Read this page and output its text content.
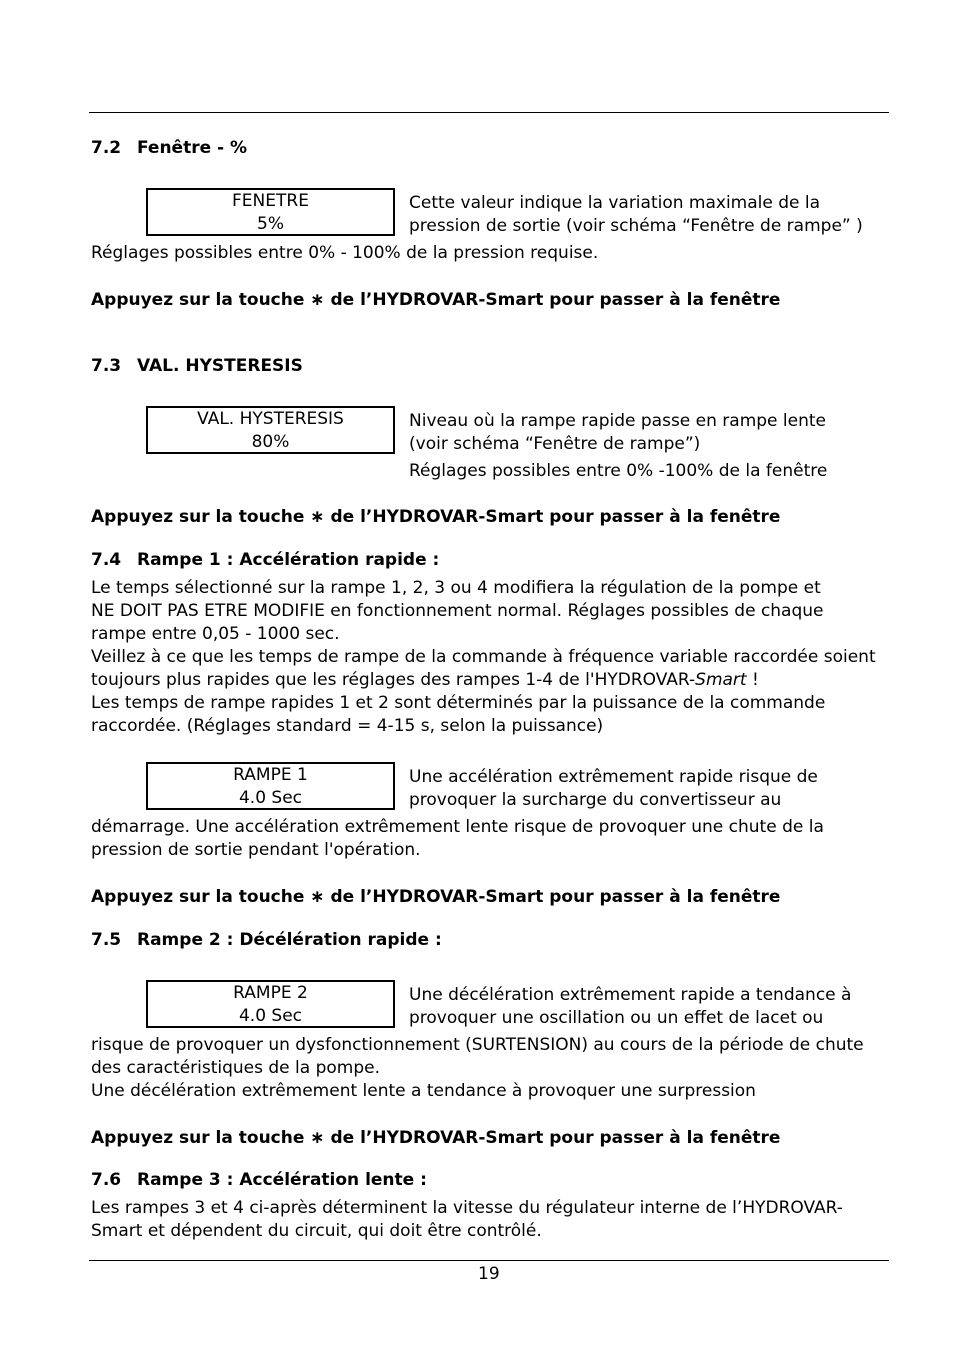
7.2 Fenêtre - %
FENETRE
5%
Cette valeur indique la variation maximale de la
pression de sortie (voir schéma “Fenêtre de rampe” )
Réglages possibles entre 0% - 100% de la pression requise.
Appuyez sur la touche ∗ de l’HYDROVAR-Smart pour passer à la fenêtre
7.3 VAL. HYSTERESIS
VAL. HYSTERESIS
80%
Niveau où la rampe rapide passe en rampe lente
(voir schéma “Fenêtre de rampe”)
Réglages possibles entre 0% -100% de la fenêtre
Appuyez sur la touche ∗ de l’HYDROVAR-Smart pour passer à la fenêtre
7.4 Rampe 1 : Accélération rapide :
Le temps sélectionné sur la rampe 1, 2, 3 ou 4 modifiera la régulation de la pompe et
NE DOIT PAS ETRE MODIFIE en fonctionnement normal. Réglages possibles de chaque
rampe entre 0,05 - 1000 sec.
Veillez à ce que les temps de rampe de la commande à fréquence variable raccordée soient
toujours plus rapides que les réglages des rampes 1-4 de l'HYDROVAR-Smart !
Les temps de rampe rapides 1 et 2 sont déterminés par la puissance de la commande
raccordée. (Réglages standard = 4-15 s, selon la puissance)
RAMPE 1
4.0 Sec
Une accélération extrêmement rapide risque de
provoquer la surcharge du convertisseur au
démarrage. Une accélération extrêmement lente risque de provoquer une chute de la
pression de sortie pendant l'opération.
Appuyez sur la touche ∗ de l’HYDROVAR-Smart pour passer à la fenêtre
7.5 Rampe 2 : Décélération rapide :
RAMPE 2
4.0 Sec
Une décélération extrêmement rapide a tendance à
provoquer une oscillation ou un effet de lacet ou
risque de provoquer un dysfonctionnement (SURTENSION) au cours de la période de chute
des caractéristiques de la pompe.
Une décélération extrêmement lente a tendance à provoquer une surpression
Appuyez sur la touche ∗ de l’HYDROVAR-Smart pour passer à la fenêtre
7.6 Rampe 3 : Accélération lente :
Les rampes 3 et 4 ci-après déterminent la vitesse du régulateur interne de l’HYDROVAR-
Smart et dépendent du circuit, qui doit être contrôlé.
19
